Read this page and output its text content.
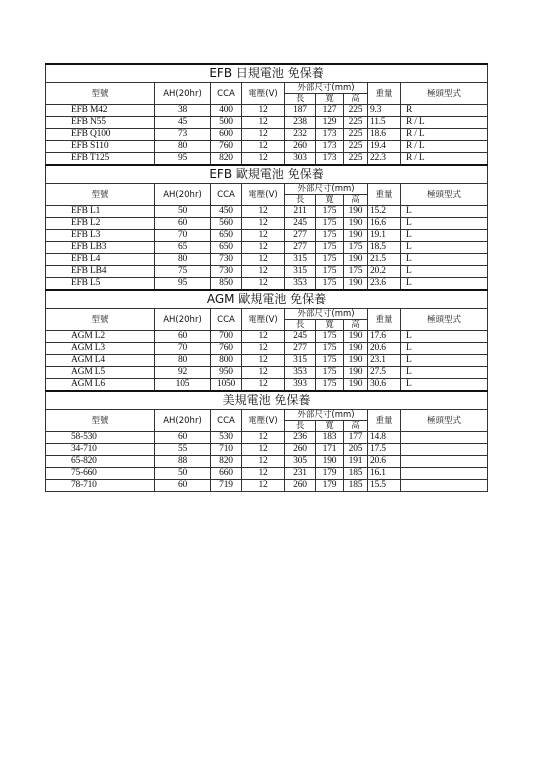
EFB 日規電池 免保養								
型號	AH(20hr)	CCA	電壓(V)	外部尺寸(mm)			重量	極頭型式
				長	寬	高		
EFB M42	38	400	12	187	127	225	9.3	R
EFB N55	45	500	12	238	129	225	11.5	R / L
EFB Q100	73	600	12	232	173	225	18.6	R / L
EFB S110	80	760	12	260	173	225	19.4	R / L
EFB T125	95	820	12	303	173	225	22.3	R / L
EFB 歐規電池 免保養								
型號	AH(20hr)	CCA	電壓(V)	外部尺寸(mm)			重量	極頭型式
				長	寬	高		
EFB L1	50	450	12	211	175	190	15.2	L
EFB L2	60	560	12	245	175	190	16.6	L
EFB L3	70	650	12	277	175	190	19.1	L
EFB LB3	65	650	12	277	175	175	18.5	L
EFB L4	80	730	12	315	175	190	21.5	L
EFB LB4	75	730	12	315	175	175	20.2	L
EFB L5	95	850	12	353	175	190	23.6	L
AGM 歐規電池 免保養								
型號	AH(20hr)	CCA	電壓(V)	外部尺寸(mm)			重量	極頭型式
				長	寬	高		
AGM L2	60	700	12	245	175	190	17.6	L
AGM L3	70	760	12	277	175	190	20.6	L
AGM L4	80	800	12	315	175	190	23.1	L
AGM L5	92	950	12	353	175	190	27.5	L
AGM L6	105	1050	12	393	175	190	30.6	L
美規電池 免保養								
型號	AH(20hr)	CCA	電壓(V)	外部尺寸(mm)			重量	極頭型式
				長	寬	高		
58-530	60	530	12	236	183	177	14.8	
34-710	55	710	12	260	171	205	17.5	
65-820	88	820	12	305	190	191	20.6	
75-660	50	660	12	231	179	185	16.1	
78-710	60	719	12	260	179	185	15.5	
